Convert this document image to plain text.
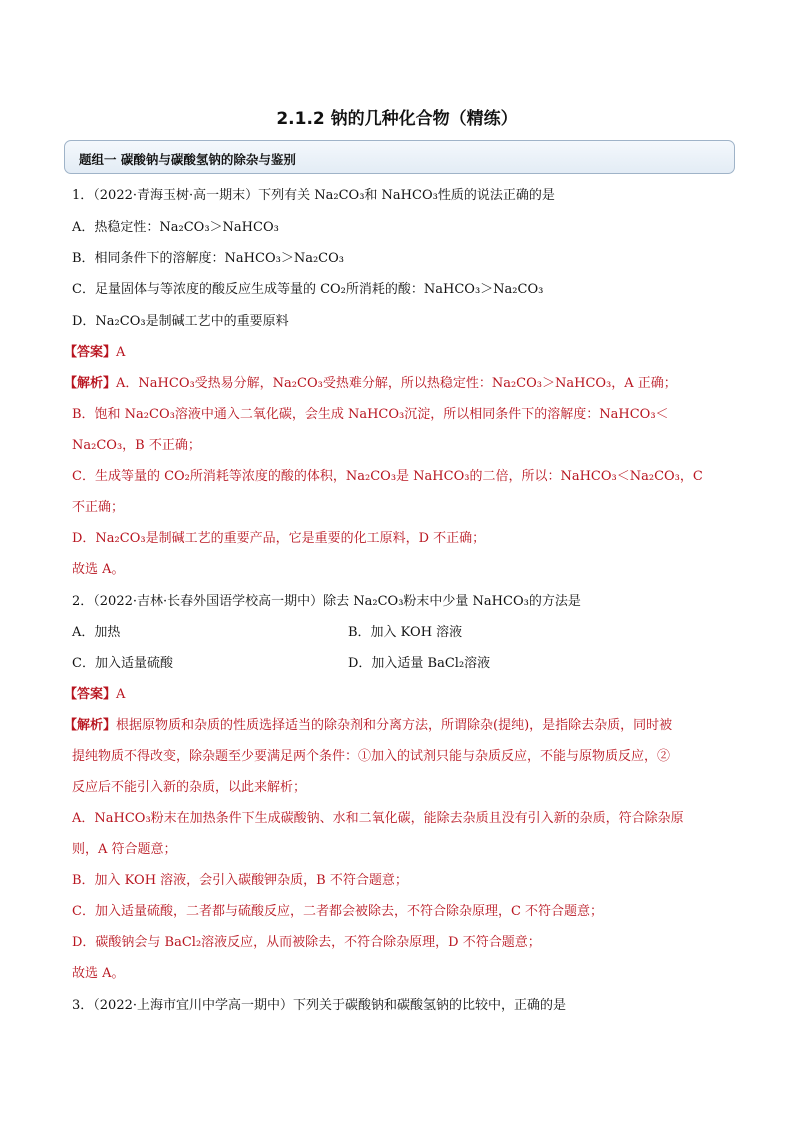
2.1.2 钠的几种化合物（精练）
题组一 碳酸钠与碳酸氢钠的除杂与鉴别
1．（2022·青海玉树·高一期末）下列有关 Na₂CO₃和 NaHCO₃性质的说法正确的是
A．热稳定性：Na₂CO₃＞NaHCO₃
B．相同条件下的溶解度：NaHCO₃＞Na₂CO₃
C．足量固体与等浓度的酸反应生成等量的 CO₂所消耗的酸：NaHCO₃＞Na₂CO₃
D．Na₂CO₃是制碱工艺中的重要原料
【答案】A
【解析】A．NaHCO₃受热易分解，Na₂CO₃受热难分解，所以热稳定性：Na₂CO₃＞NaHCO₃，A 正确；
B．饱和 Na₂CO₃溶液中通入二氧化碳，会生成 NaHCO₃沉淀，所以相同条件下的溶解度：NaHCO₃＜
Na₂CO₃，B 不正确；
C．生成等量的 CO₂所消耗等浓度的酸的体积，Na₂CO₃是 NaHCO₃的二倍，所以：NaHCO₃＜Na₂CO₃，C
不正确；
D．Na₂CO₃是制碱工艺的重要产品，它是重要的化工原料，D 不正确；
故选 A。
2．（2022·吉林·长春外国语学校高一期中）除去 Na₂CO₃粉末中少量 NaHCO₃的方法是
A．加热	B．加入 KOH 溶液
C．加入适量硫酸	D．加入适量 BaCl₂溶液
【答案】A
【解析】根据原物质和杂质的性质选择适当的除杂剂和分离方法，所谓除杂(提纯)，是指除去杂质，同时被
提纯物质不得改变，除杂题至少要满足两个条件：①加入的试剂只能与杂质反应，不能与原物质反应，②
反应后不能引入新的杂质，以此来解析；
A．NaHCO₃粉末在加热条件下生成碳酸钠、水和二氧化碳，能除去杂质且没有引入新的杂质，符合除杂原
则，A 符合题意；
B．加入 KOH 溶液，会引入碳酸钾杂质，B 不符合题意；
C．加入适量硫酸，二者都与硫酸反应，二者都会被除去，不符合除杂原理，C 不符合题意；
D．碳酸钠会与 BaCl₂溶液反应，从而被除去，不符合除杂原理，D 不符合题意；
故选 A。
3．（2022·上海市宜川中学高一期中）下列关于碳酸钠和碳酸氢钠的比较中，正确的是
